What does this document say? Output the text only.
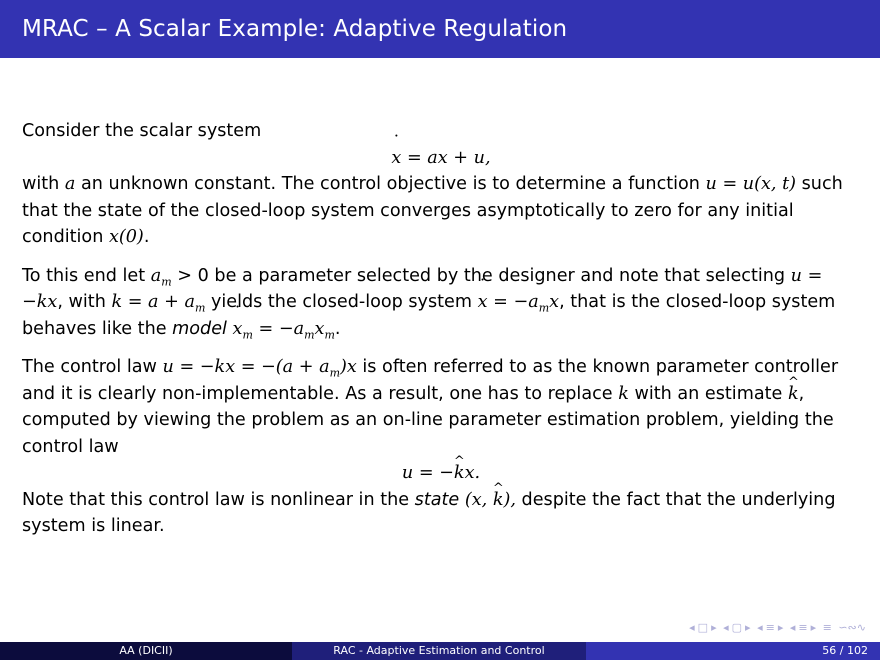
MRAC – A Scalar Example: Adaptive Regulation

Consider the scalar system

˙ x = ax + u,

with a an unknown constant. The control objective is to determine a function u = u(x, t) such that the state of the closed-loop system converges asymptotically to zero for any initial condition x(0).

To this end let $a_m > 0$ be a parameter selected by the designer and note that selecting u = −kx, with $k = a + a_m$ yields the closed-loop system ˙ $x = -a_mx$, that is the closed-loop system behaves like the model ˙ $x_m = -a_mx_m$.

The control law $u = -kx = -(a + a_m)x$ is often referred to as the known parameter controller and it is clearly non-implementable. As a result, one has to replace k with an estimate ^ k, computed by viewing the problem as an on-line parameter estimation problem, yielding the control law

u = −^ kx.

Note that this control law is nonlinear in the state (x, ^ k), despite the fact that the underlying system is linear.

◂ □ ▸ ◂ ▢ ▸ ◂ ≡ ▸ ◂ ≡ ▸ ≡ ∽∾∿
AA (DICII)	RAC - Adaptive Estimation and Control	56 / 102
